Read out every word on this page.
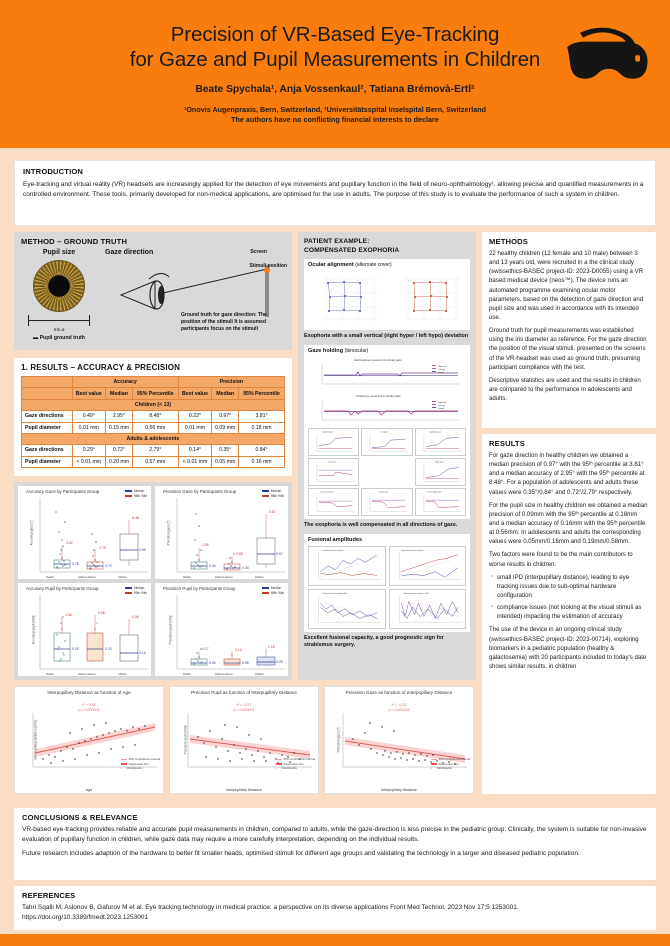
Precision of VR-Based Eye-Tracking
for Gaze and Pupil Measurements in Children
Beate Spychala¹, Anja Vossenkaul², Tatiana Brémovà-Ertl²
¹Onovis Augenpraxis, Bern, Switzerland, ²Universitätsspital Inselspital Bern, Switzerland
The authors have no conflicting financial interests to declare
INTRODUCTION
Eye-tracking and virtual reality (VR) headsets are increasingly applied for the detection of eye movements and pupillary function in the field of neuro-ophthalmology¹, allowing precise and quantified measurements in a controlled environment. These tools, primarily developed for non-medical applications, are optimised for the use in adults. The purpose of this study is to evaluate the performance of such a system in children.
METHOD – GROUND TRUTH
Pupil size
Iris ⌀
▬ Pupil ground truth
Gaze direction	Screen
Stimuli position
Ground truth for gaze direction: The position of the stimuli It is assumed participants focus on the stimuli
1. RESULTS – ACCURACY & PRECISION
	Accuracy			Precision		
	Best value	Median	95% Percentile	Best value	Median	95% Percentile
Children (< 13)						
Gaze directions	0.49°	2.95°	8.48°	0.22°	0.97°	3.81°
Pupil diameter	0.01 mm	0.15 mm	0.56 mm	0.01 mm	0.09 mm	0.18 mm
Adults & adolescents						
Gaze directions	0.29°	0.72°	2.79°	0.14°	0.35°	0.84°
Pupil diameter	< 0.01 mm	0.20 mm	0.57 mm	< 0.01 mm	0.05 mm	0.16 mm
Accuracy Gaze by Participants Group	Median
95th %ile
Accuracy gaze [°]
0.76
3.52
0.72
2.79	2.95
8.48
Healthy	Adults & adolesc.	Children
Precision Gaze by Participants Group	Median
95th %ile
Precision gaze [°]
0.44
1.95
0.34
0.88	0.97
3.81
Healthy	Adults & adolesc.	Children
Accuracy Pupil by Participants Group	Median
95th %ile
Accuracy pupil [mm]
0.19
0.56
0.20
0.58
0.16
0.56
Healthy	Adults & adolesc.	Children
Precision Pupil by Participants Group	Median
95th %ile
Precision pupil [mm]
0.05
0.17
0.05
0.16
0.09
0.18
Healthy	Adults & adolesc.	Children
Interpupillary Distance as function of Age
r² = 0.52
p = 0.000001
Interpupillary distance [mm]	95% Confidence interval
Regression line
• Participants
Age
Precision Pupil as function of Interpupillary Distance
r² = -0.27
p = 0.000001
Precision pupil [mm]
95% Confidence interval
Regression line
• Participants
Interpupillary Distance
Precision Gaze as function of Interpupillary Distance
r² = -0.23
p = 0.000033
Precision gaze [°]
95% Confidence interval
Regression line
• Participants
Interpupillary Distance
PATIENT EXAMPLE:
COMPENSATED EXOPHORIA
Ocular alignment (alternate cover)
Exophoria with a small vertical (right hyper / left hypo) deviation
Gaze holding (binocular)
Horizontal eye movement in primary gaze
Right eye
Left eye
Stimuli
Vertical eye movement in primary gaze
Right eye
Left eye
Stimuli
Up-Left gaze	Up gaze	Up-Right gaze
Left gaze	Right gaze
Down-Left gaze	Down gaze	Down-Right gaze
The exophoria is well compensated in all directions of gaze.
Fusional amplitudes
Positive fusional vergence	Negative fusional vergence
Vertical fusional vergence RoL	Vertical fusional vergence LoR
Excellent fusional capacity, a good prognostic sign for strabismus surgery.
METHODS

22 healthy children (12 female and 10 male) between 3 and 13 years old, were recruited in a the clinical study (swissethics-BASEC project-ID: 2023-D0055) using a VR based medical device (neos™). The device runs an automated programme examining ocular motor parameters, based on the detection of gaze direction and pupil size and was used in accordance with its intended use.

Ground truth for pupil measurements was established using the iris diameter as reference. For the gaze direction the position of the visual stimuli, presented on the screens of the VR-headset was used as ground truth, presuming participant compliance with the test.

Descriptive statistics are used and the results in children are compared to the performance in adolescents and adults.

RESULTS

For gaze direction in healthy children we obtained a median precision of 0.97° with the 95ᵗʰ percentile at 3.81° and a median accuracy of 2.95° with the 95ᵗʰ percentile at 8.48°. For a population of adolescents and adults these values were 0.35°/0.84° and 0.72°/2.79° respectively.

For the pupil size in healthy children we obtained a median precision of 0.09mm with the 95ᵗʰ percentile at 0.18mm and a median accuracy of 0.16mm with the 95ᵗʰ percentile at 0.56mm. In adolescents and adults the corresponding values were 0.05mm/0.16mm and 0.19mm/0.58mm.

Two factors were found to be the main contributors to worse results in children:

· small IPD (interpupillary distance), leading to eye tracking issues due to sub-optimal hardware configuration
· compliance issues (not looking at the visual stimuli as intended) impacting the estimation of accuracy

The use of the device in an ongoing clinical study (swissethics-BASEC project-ID: 2023-00714), exploring biomarkers in a pediatric population (healthy & galactosemia) with 20 participants included to today's date shows similar results. in children

CONCLUSIONS & RELEVANCE

VR-based eye-tracking provides reliable and accurate pupil measurements in children, compared to adults, while the gaze-direction is less precise in the pediatric group. Clinically, the system is suitable for non-invasive evaluation of pupillary function in children, while gaze data may require a more carefully interpretation, depending on the individual results.

Future research includes adaption of the hardware to better fit smaller heads, optimised stimuli for different age groups and validating the technology in a larger and diseased pediatric population.

REFERENCES
Tahri Sqalli M, Aslonov B, Gafurov M et al. Eye tracking technology in medical practice: a perspective on its diverse applications Front Med Technol. 2023 Nov 17;5:1253001.
https://doi.org/10.3389/fmedt.2023.1253001
